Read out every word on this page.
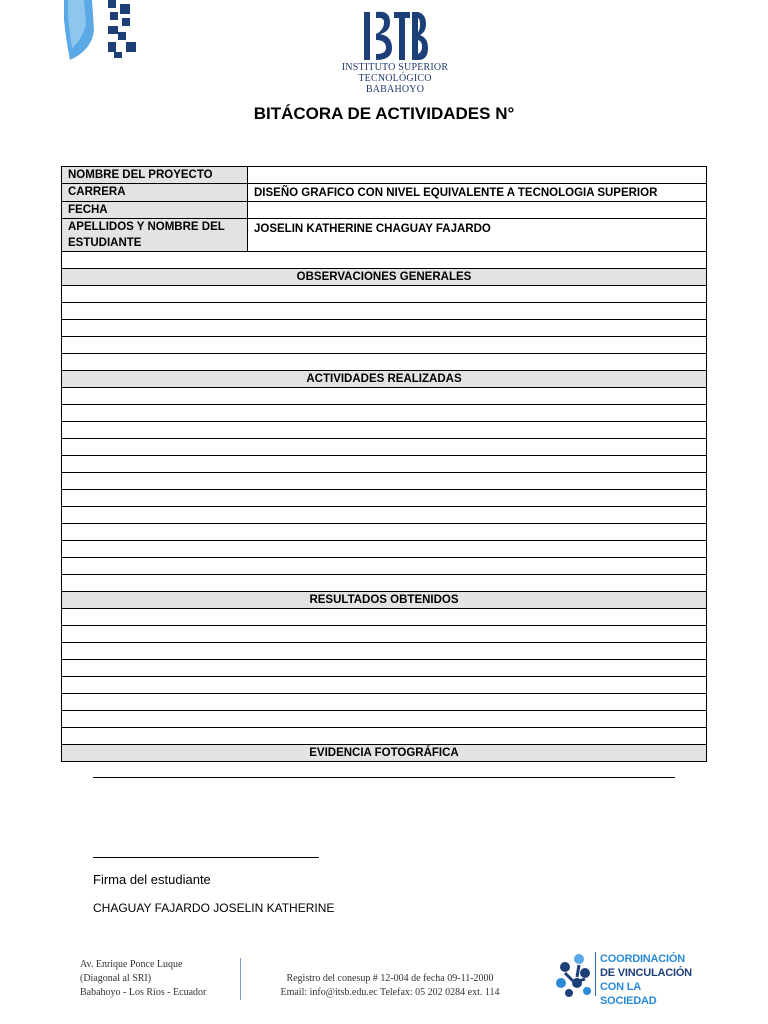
INSTITUTO SUPERIOR
TECNOLÓGICO BABAHOYO
BITÁCORA DE ACTIVIDADES N°
NOMBRE DEL PROYECTO	
CARRERA	DISEÑO GRAFICO CON NIVEL EQUIVALENTE A TECNOLOGIA SUPERIOR
FECHA	

APELLIDOS Y NOMBRE DEL
ESTUDIANTE	JOSELIN KATHERINE CHAGUAY FAJARDO

OBSERVACIONES GENERALES

ACTIVIDADES REALIZADAS

RESULTADOS OBTENIDOS

EVIDENCIA FOTOGRÁFICA
Firma del estudiante
CHAGUAY FAJARDO JOSELIN KATHERINE
Av. Enrique Ponce Luque
(Diagonal al SRI)
Babahoyo - Los Ríos - Ecuador
Registro del conesup # 12-004 de fecha 09-11-2000
Email: info@itsb.edu.ec Telefax: 05 202 0284 ext. 114
COORDINACIÓN
DE VINCULACIÓN
CON LA SOCIEDAD
